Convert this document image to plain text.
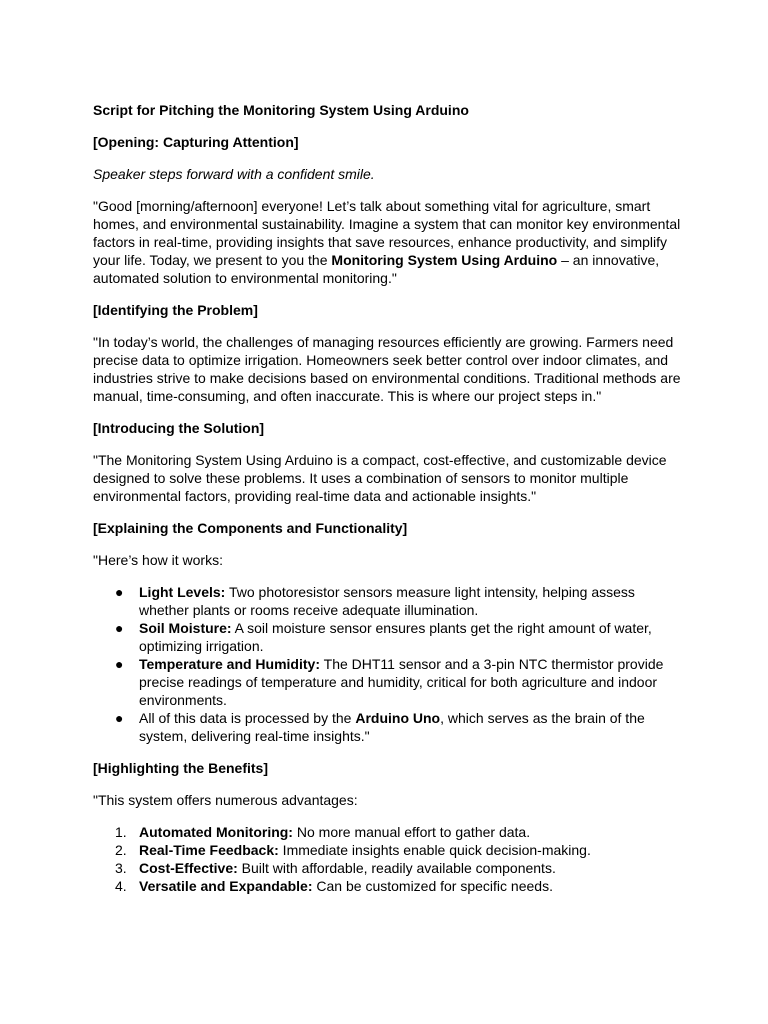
Script for Pitching the Monitoring System Using Arduino
[Opening: Capturing Attention]
Speaker steps forward with a confident smile.

"Good [morning/afternoon] everyone! Let’s talk about something vital for agriculture, smart homes, and environmental sustainability. Imagine a system that can monitor key environmental factors in real-time, providing insights that save resources, enhance productivity, and simplify your life. Today, we present to you the Monitoring System Using Arduino – an innovative, automated solution to environmental monitoring."

[Identifying the Problem]

"In today’s world, the challenges of managing resources efficiently are growing. Farmers need precise data to optimize irrigation. Homeowners seek better control over indoor climates, and industries strive to make decisions based on environmental conditions. Traditional methods are manual, time-consuming, and often inaccurate. This is where our project steps in."

[Introducing the Solution]

"The Monitoring System Using Arduino is a compact, cost-effective, and customizable device designed to solve these problems. It uses a combination of sensors to monitor multiple environmental factors, providing real-time data and actionable insights."

[Explaining the Components and Functionality]

"Here’s how it works:

●	Light Levels: Two photoresistor sensors measure light intensity, helping assess whether plants or rooms receive adequate illumination.
●	Soil Moisture: A soil moisture sensor ensures plants get the right amount of water, optimizing irrigation.
●	Temperature and Humidity: The DHT11 sensor and a 3-pin NTC thermistor provide precise readings of temperature and humidity, critical for both agriculture and indoor environments.
●	All of this data is processed by the Arduino Uno, which serves as the brain of the system, delivering real-time insights."
[Highlighting the Benefits]

"This system offers numerous advantages:

1. Automated Monitoring: No more manual effort to gather data.
2. Real-Time Feedback: Immediate insights enable quick decision-making.
3. Cost-Effective: Built with affordable, readily available components.
4. Versatile and Expandable: Can be customized for specific needs.
